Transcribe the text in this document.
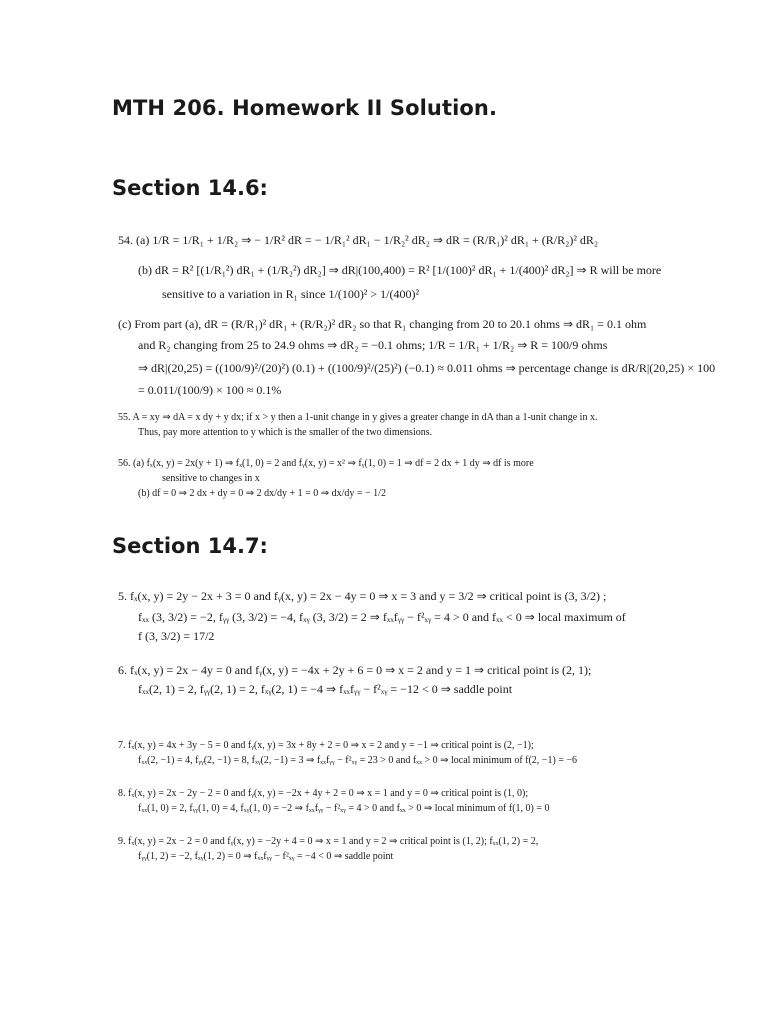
MTH 206. Homework II Solution.
Section 14.6:
54. (a) 1/R = 1/R₁ + 1/R₂ ⇒ − 1/R² dR = − 1/R₁² dR₁ − 1/R₂² dR₂ ⇒ dR = (R/R₁)² dR₁ + (R/R₂)² dR₂
(b) dR = R² [(1/R₁²) dR₁ + (1/R₂²) dR₂] ⇒ dR|(100,400) = R² [1/(100)² dR₁ + 1/(400)² dR₂] ⇒ R will be more
sensitive to a variation in R₁ since 1/(100)² > 1/(400)²
(c) From part (a), dR = (R/R₁)² dR₁ + (R/R₂)² dR₂ so that R₁ changing from 20 to 20.1 ohms ⇒ dR₁ = 0.1 ohm
and R₂ changing from 25 to 24.9 ohms ⇒ dR₂ = −0.1 ohms; 1/R = 1/R₁ + 1/R₂ ⇒ R = 100/9 ohms
⇒ dR|(20,25) = ((100/9)²/(20)²) (0.1) + ((100/9)²/(25)²) (−0.1) ≈ 0.011 ohms ⇒ percentage change is dR/R|(20,25) × 100
= 0.011/(100/9) × 100 ≈ 0.1%
55. A = xy ⇒ dA = x dy + y dx; if x > y then a 1-unit change in y gives a greater change in dA than a 1-unit change in x.
Thus, pay more attention to y which is the smaller of the two dimensions.
56. (a) fₓ(x, y) = 2x(y + 1) ⇒ fₓ(1, 0) = 2 and fᵧ(x, y) = x² ⇒ fᵧ(1, 0) = 1 ⇒ df = 2 dx + 1 dy ⇒ df is more
sensitive to changes in x
(b) df = 0 ⇒ 2 dx + dy = 0 ⇒ 2 dx/dy + 1 = 0 ⇒ dx/dy = − 1/2
Section 14.7:
5. fₓ(x, y) = 2y − 2x + 3 = 0 and fᵧ(x, y) = 2x − 4y = 0 ⇒ x = 3 and y = 3/2 ⇒ critical point is (3, 3/2) ;
fₓₓ (3, 3/2) = −2, fᵧᵧ (3, 3/2) = −4, fₓᵧ (3, 3/2) = 2 ⇒ fₓₓfᵧᵧ − f²ₓᵧ = 4 > 0 and fₓₓ < 0 ⇒ local maximum of
f (3, 3/2) = 17/2
6. fₓ(x, y) = 2x − 4y = 0 and fᵧ(x, y) = −4x + 2y + 6 = 0 ⇒ x = 2 and y = 1 ⇒ critical point is (2, 1);
fₓₓ(2, 1) = 2, fᵧᵧ(2, 1) = 2, fₓᵧ(2, 1) = −4 ⇒ fₓₓfᵧᵧ − f²ₓᵧ = −12 < 0 ⇒ saddle point
7. fₓ(x, y) = 4x + 3y − 5 = 0 and fᵧ(x, y) = 3x + 8y + 2 = 0 ⇒ x = 2 and y = −1 ⇒ critical point is (2, −1);
fₓₓ(2, −1) = 4, fᵧᵧ(2, −1) = 8, fₓᵧ(2, −1) = 3 ⇒ fₓₓfᵧᵧ − f²ₓᵧ = 23 > 0 and fₓₓ > 0 ⇒ local minimum of f(2, −1) = −6
8. fₓ(x, y) = 2x − 2y − 2 = 0 and fᵧ(x, y) = −2x + 4y + 2 = 0 ⇒ x = 1 and y = 0 ⇒ critical point is (1, 0);
fₓₓ(1, 0) = 2, fᵧᵧ(1, 0) = 4, fₓᵧ(1, 0) = −2 ⇒ fₓₓfᵧᵧ − f²ₓᵧ = 4 > 0 and fₓₓ > 0 ⇒ local minimum of f(1, 0) = 0
9. fₓ(x, y) = 2x − 2 = 0 and fᵧ(x, y) = −2y + 4 = 0 ⇒ x = 1 and y = 2 ⇒ critical point is (1, 2); fₓₓ(1, 2) = 2,
fᵧᵧ(1, 2) = −2, fₓᵧ(1, 2) = 0 ⇒ fₓₓfᵧᵧ − f²ₓᵧ = −4 < 0 ⇒ saddle point
